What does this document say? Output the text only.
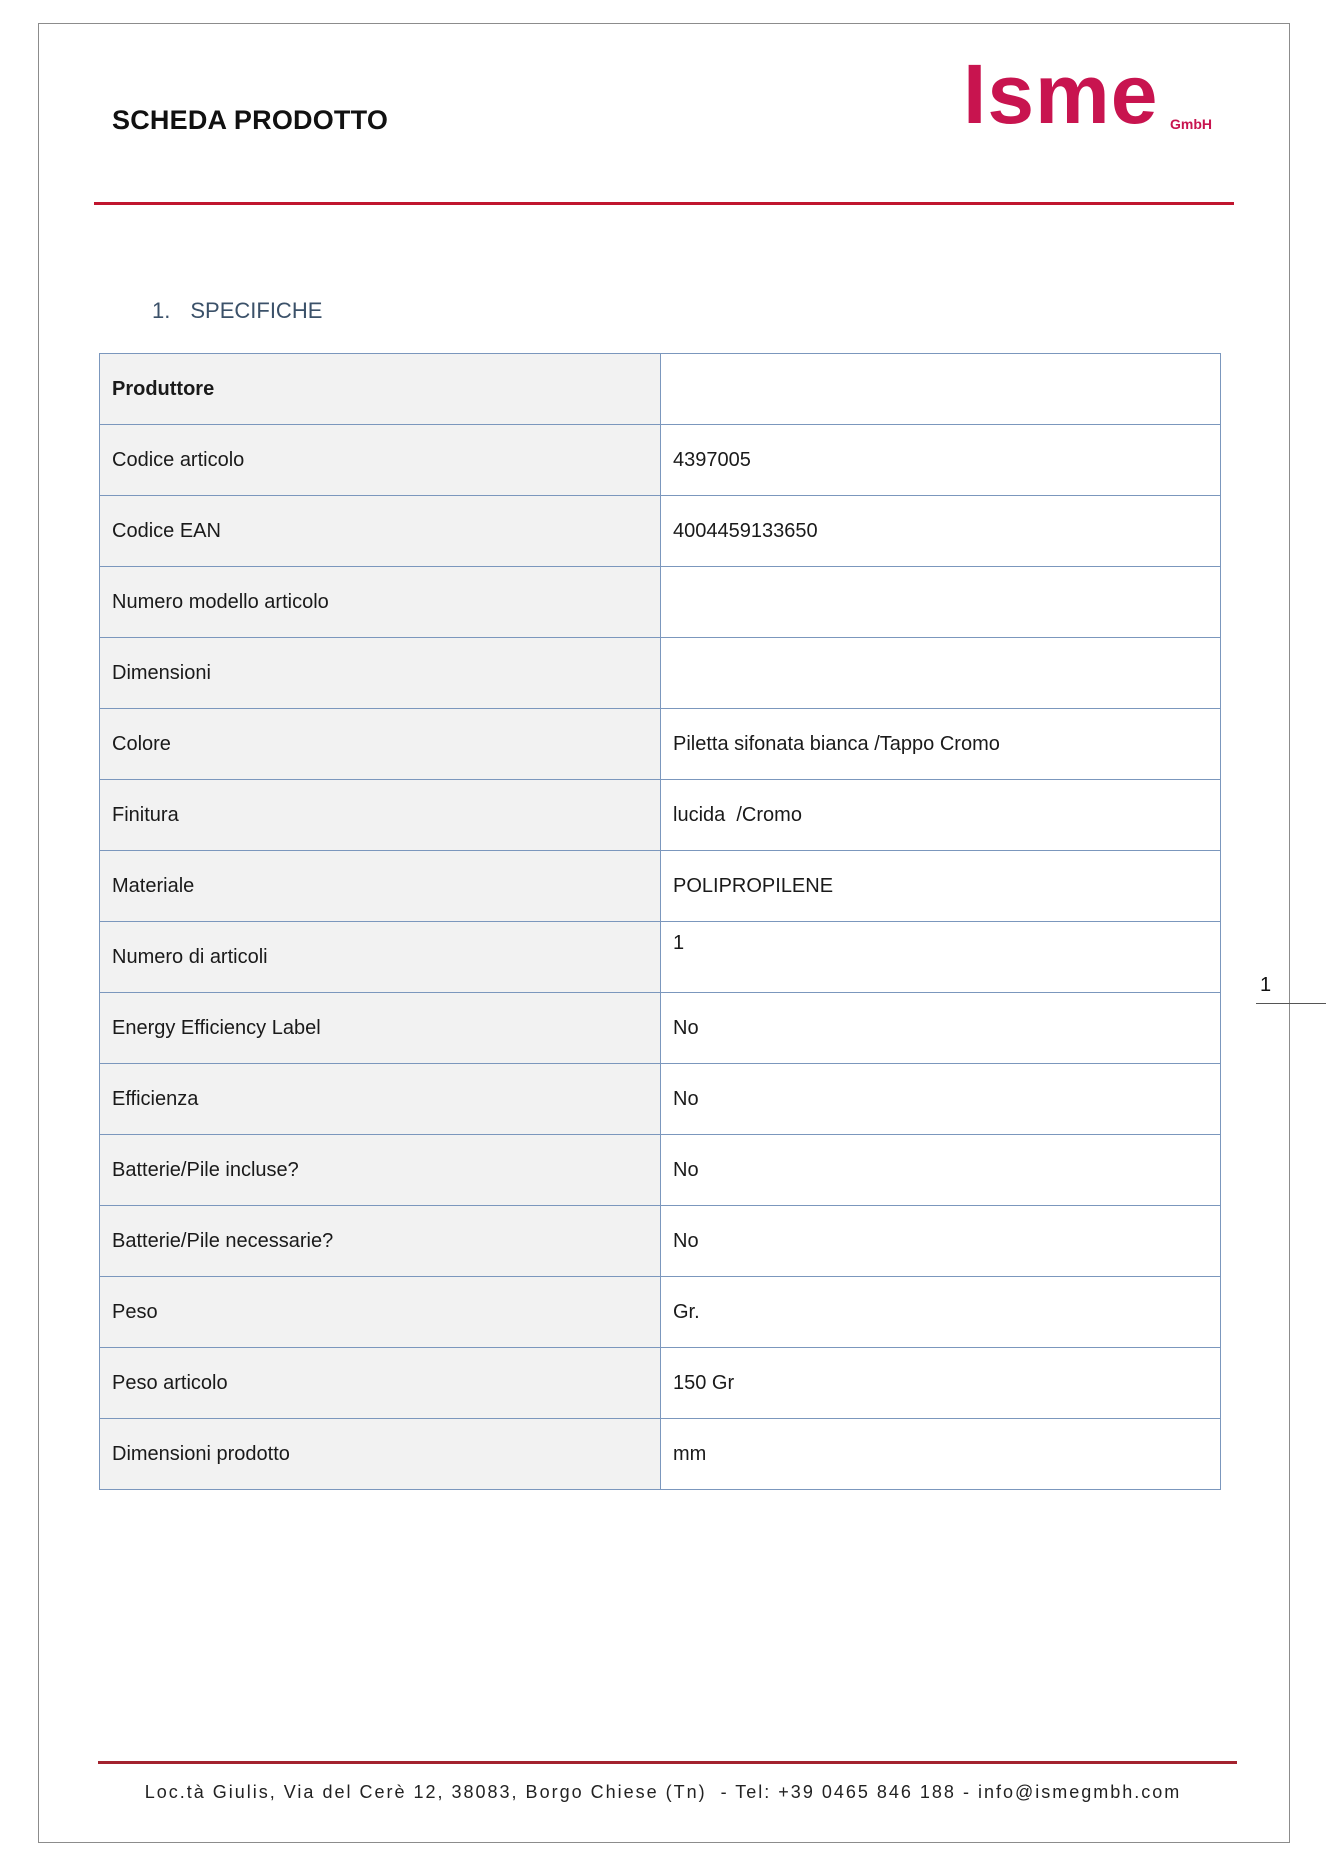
SCHEDA PRODOTTO	Isme GmbH
1. SPECIFICHE
Produttore	
Codice articolo	4397005
Codice EAN	4004459133650
Numero modello articolo	
Dimensioni	
Colore	Piletta sifonata bianca /Tappo Cromo
Finitura	lucida  /Cromo
Materiale	POLIPROPILENE
Numero di articoli	1
Energy Efficiency Label	No
Efficienza	No
Batterie/Pile incluse?	No
Batterie/Pile necessarie?	No
Peso	Gr.
Peso articolo	150 Gr
Dimensioni prodotto	mm
1
Loc.tà Giulis, Via del Cerè 12, 38083, Borgo Chiese (Tn)  - Tel: +39 0465 846 188 - info@ismegmbh.com
